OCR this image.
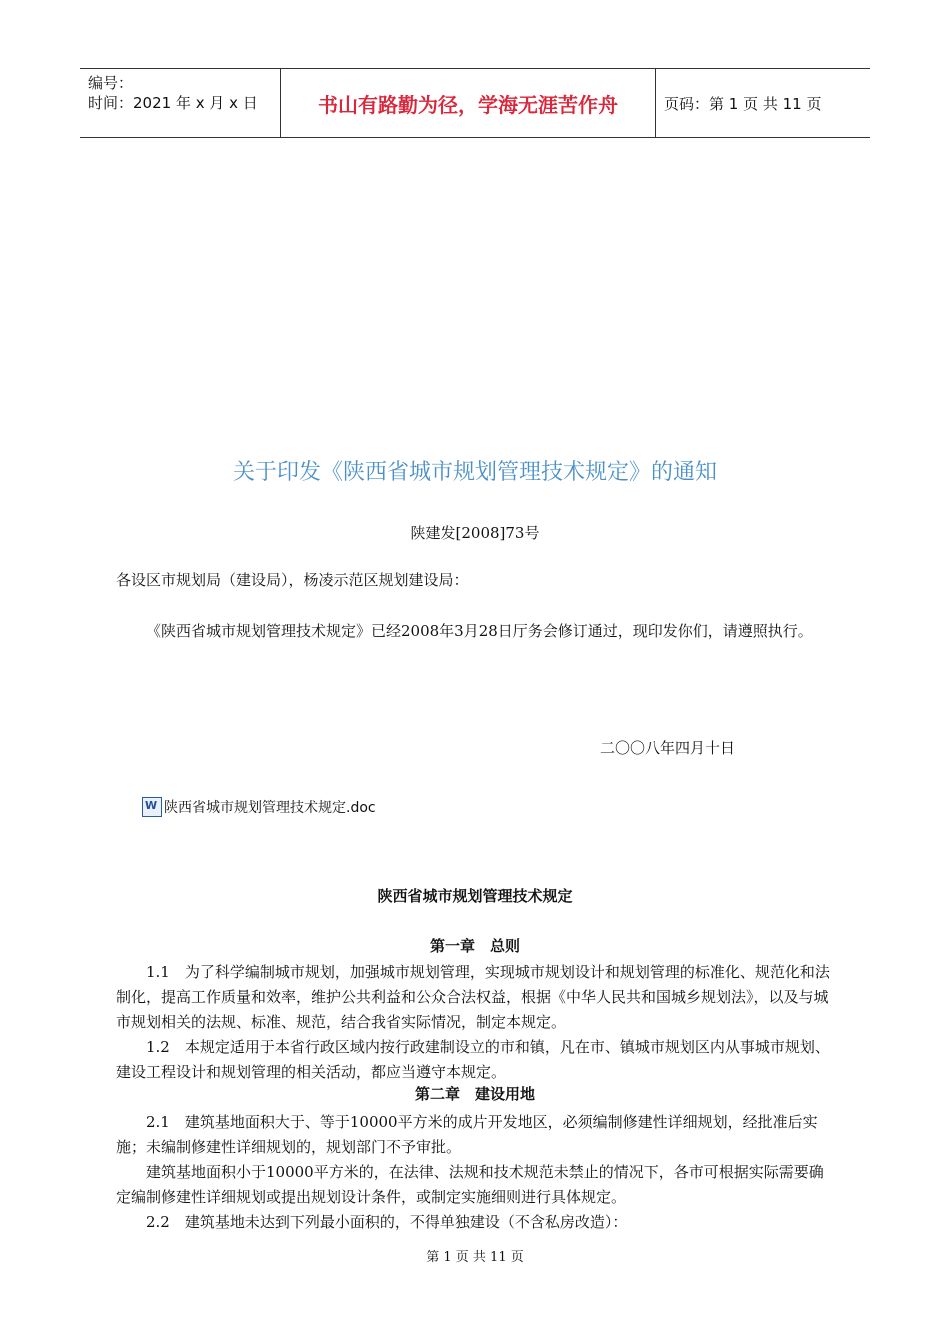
编号：
时间：2021 年 x 月 x 日	书山有路勤为径，学海无涯苦作舟	页码：第 1 页 共 11 页
关于印发《陕西省城市规划管理技术规定》的通知
陕建发[2008]73号
各设区市规划局（建设局），杨凌示范区规划建设局：
《陕西省城市规划管理技术规定》已经2008年3月28日厅务会修订通过，现印发你们，请遵照执行。
二〇〇八年四月十日
W 陕西省城市规划管理技术规定.doc
陕西省城市规划管理技术规定
第一章　总则
1.1　为了科学编制城市规划，加强城市规划管理，实现城市规划设计和规划管理的标准化、规范化和法制化，提高工作质量和效率，维护公共利益和公众合法权益，根据《中华人民共和国城乡规划法》，以及与城市规划相关的法规、标准、规范，结合我省实际情况，制定本规定。
1.2　本规定适用于本省行政区域内按行政建制设立的市和镇，凡在市、镇城市规划区内从事城市规划、建设工程设计和规划管理的相关活动，都应当遵守本规定。
第二章　建设用地
2.1　建筑基地面积大于、等于10000平方米的成片开发地区，必须编制修建性详细规划，经批准后实施；未编制修建性详细规划的，规划部门不予审批。
建筑基地面积小于10000平方米的，在法律、法规和技术规范未禁止的情况下，各市可根据实际需要确定编制修建性详细规划或提出规划设计条件，或制定实施细则进行具体规定。
2.2　建筑基地未达到下列最小面积的，不得单独建设（不含私房改造）：
第 1 页 共 11 页
